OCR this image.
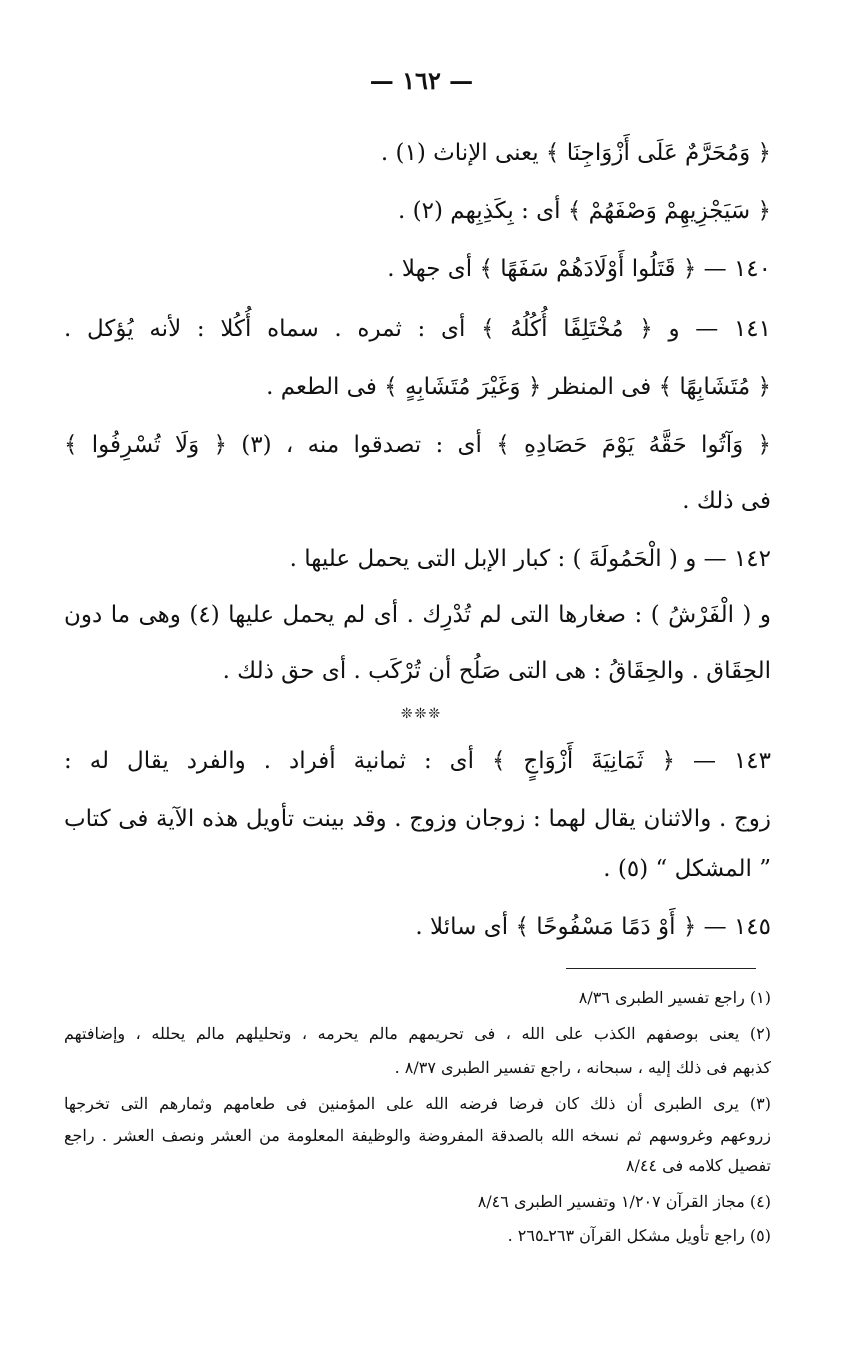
— ١٦٢ —
﴿ وَمُحَرَّمٌ عَلَى أَزْوَاجِنَا ﴾ يعنى الإناث (١) .
﴿ سَيَجْزِيهِمْ وَصْفَهُمْ ﴾ أى : بِكَذِبِهم (٢) .
١٤٠ — ﴿ قَتَلُوا أَوْلَادَهُمْ سَفَهًا ﴾ أى جهلا .
١٤١ — و ﴿ مُخْتَلِفًا أُكُلُهُ ﴾ أى : ثمره . سماه أُكُلا : لأنه يُؤكل .
﴿ مُتَشَابِهًا ﴾ فى المنظر ﴿ وَغَيْرَ مُتَشَابِهٍ ﴾ فى الطعم .
﴿ وَآتُوا حَقَّهُ يَوْمَ حَصَادِهِ ﴾ أى : تصدقوا منه ، (٣) ﴿ وَلَا تُسْرِفُوا ﴾
فى ذلك .
١٤٢ — و ( الْحَمُولَةَ ) : كبار الإبل التى يحمل عليها .
و ( الْفَرْشُ ) : صغارها التى لم تُدْرِك . أى لم يحمل عليها (٤) وهى ما دون
الحِقَاق . والحِقَاقُ : هى التى صَلُح أن تُرْكَب . أى حق ذلك .
❊❊❊
١٤٣ — ﴿ ثَمَانِيَةَ أَزْوَاجٍ ﴾ أى : ثمانية أفراد . والفرد يقال له :
زوج . والاثنان يقال لهما : زوجان وزوج . وقد بينت تأويل هذه الآية فى كتاب
” المشكل “ (٥) .
١٤٥ — ﴿ أَوْ دَمًا مَسْفُوحًا ﴾ أى سائلا .
(١) راجع تفسير الطبرى ٨/٣٦
(٢) يعنى بوصفهم الكذب على الله ، فى تحريمهم مالم يحرمه ، وتحليلهم مالم يحلله ، وإضافتهم
كذبهم فى ذلك إليه ، سبحانه ، راجع تفسير الطبرى ٨/٣٧ .
(٣) يرى الطبرى أن ذلك كان فرضا فرضه الله على المؤمنين فى طعامهم وثمارهم التى تخرجها
زروعهم وغروسهم ثم نسخه الله بالصدقة المفروضة والوظيفة المعلومة من العشر ونصف العشر . راجع
تفصيل كلامه فى ٨/٤٤
(٤) مجاز القرآن ١/٢٠٧ وتفسير الطبرى ٨/٤٦
(٥) راجع تأويل مشكل القرآن ٢٦٣ـ٢٦٥ .
